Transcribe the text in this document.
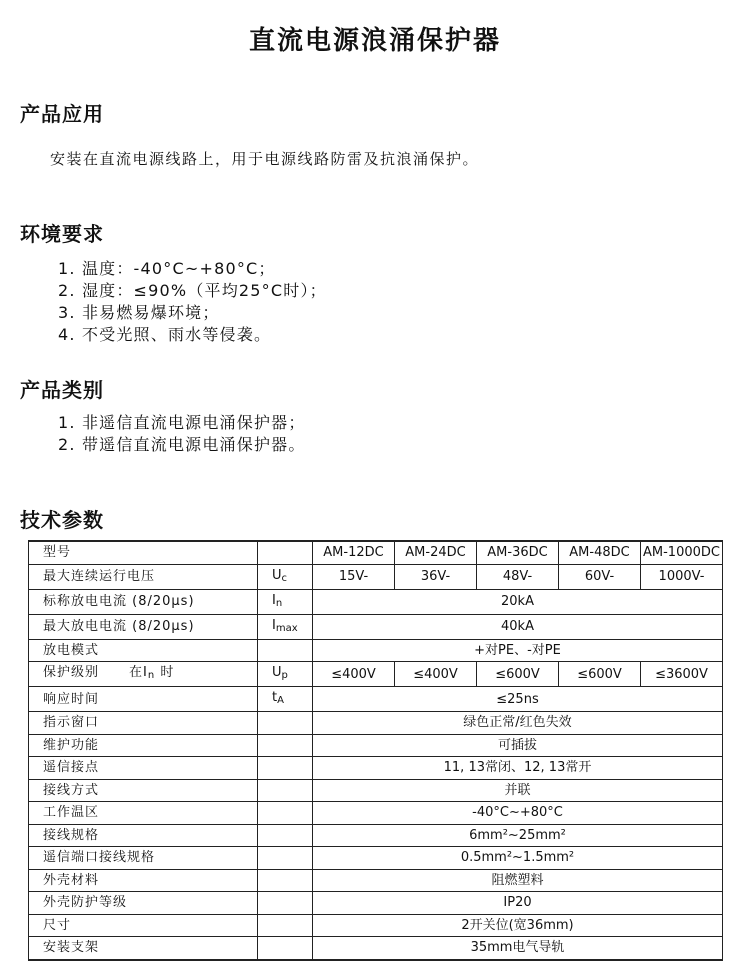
直流电源浪涌保护器
产品应用
安装在直流电源线路上，用于电源线路防雷及抗浪涌保护。
环境要求
1. 温度：-40°C~+80°C；
2. 湿度：≤90%（平均25°C时）；
3. 非易燃易爆环境；
4. 不受光照、雨水等侵袭。
产品类别
1. 非遥信直流电源电涌保护器；
2. 带遥信直流电源电涌保护器。
技术参数
型号		AM-12DC	AM-24DC	AM-36DC	AM-48DC	AM-1000DC
最大连续运行电压	$U_c$	15V-	36V-	48V-	60V-	1000V-
标称放电电流 (8/20μs)	$I_n$	20kA				
最大放电电流 (8/20μs)	$I_{max}$	40kA				
放电模式		+对PE、-对PE				
保护级别 在$I_n$ 时	$U_p$	≤400V	≤400V	≤600V	≤600V	≤3600V
响应时间	$t_A$	≤25ns				
指示窗口		绿色正常/红色失效				
维护功能		可插拔				
遥信接点		11, 13常闭、12, 13常开				
接线方式		并联				
工作温区		-40°C~+80°C				
接线规格		6mm²~25mm²				
遥信端口接线规格		0.5mm²~1.5mm²				
外壳材料		阻燃塑料				
外壳防护等级		IP20				
尺寸		2开关位(宽36mm)				
安装支架		35mm电气导轨				
